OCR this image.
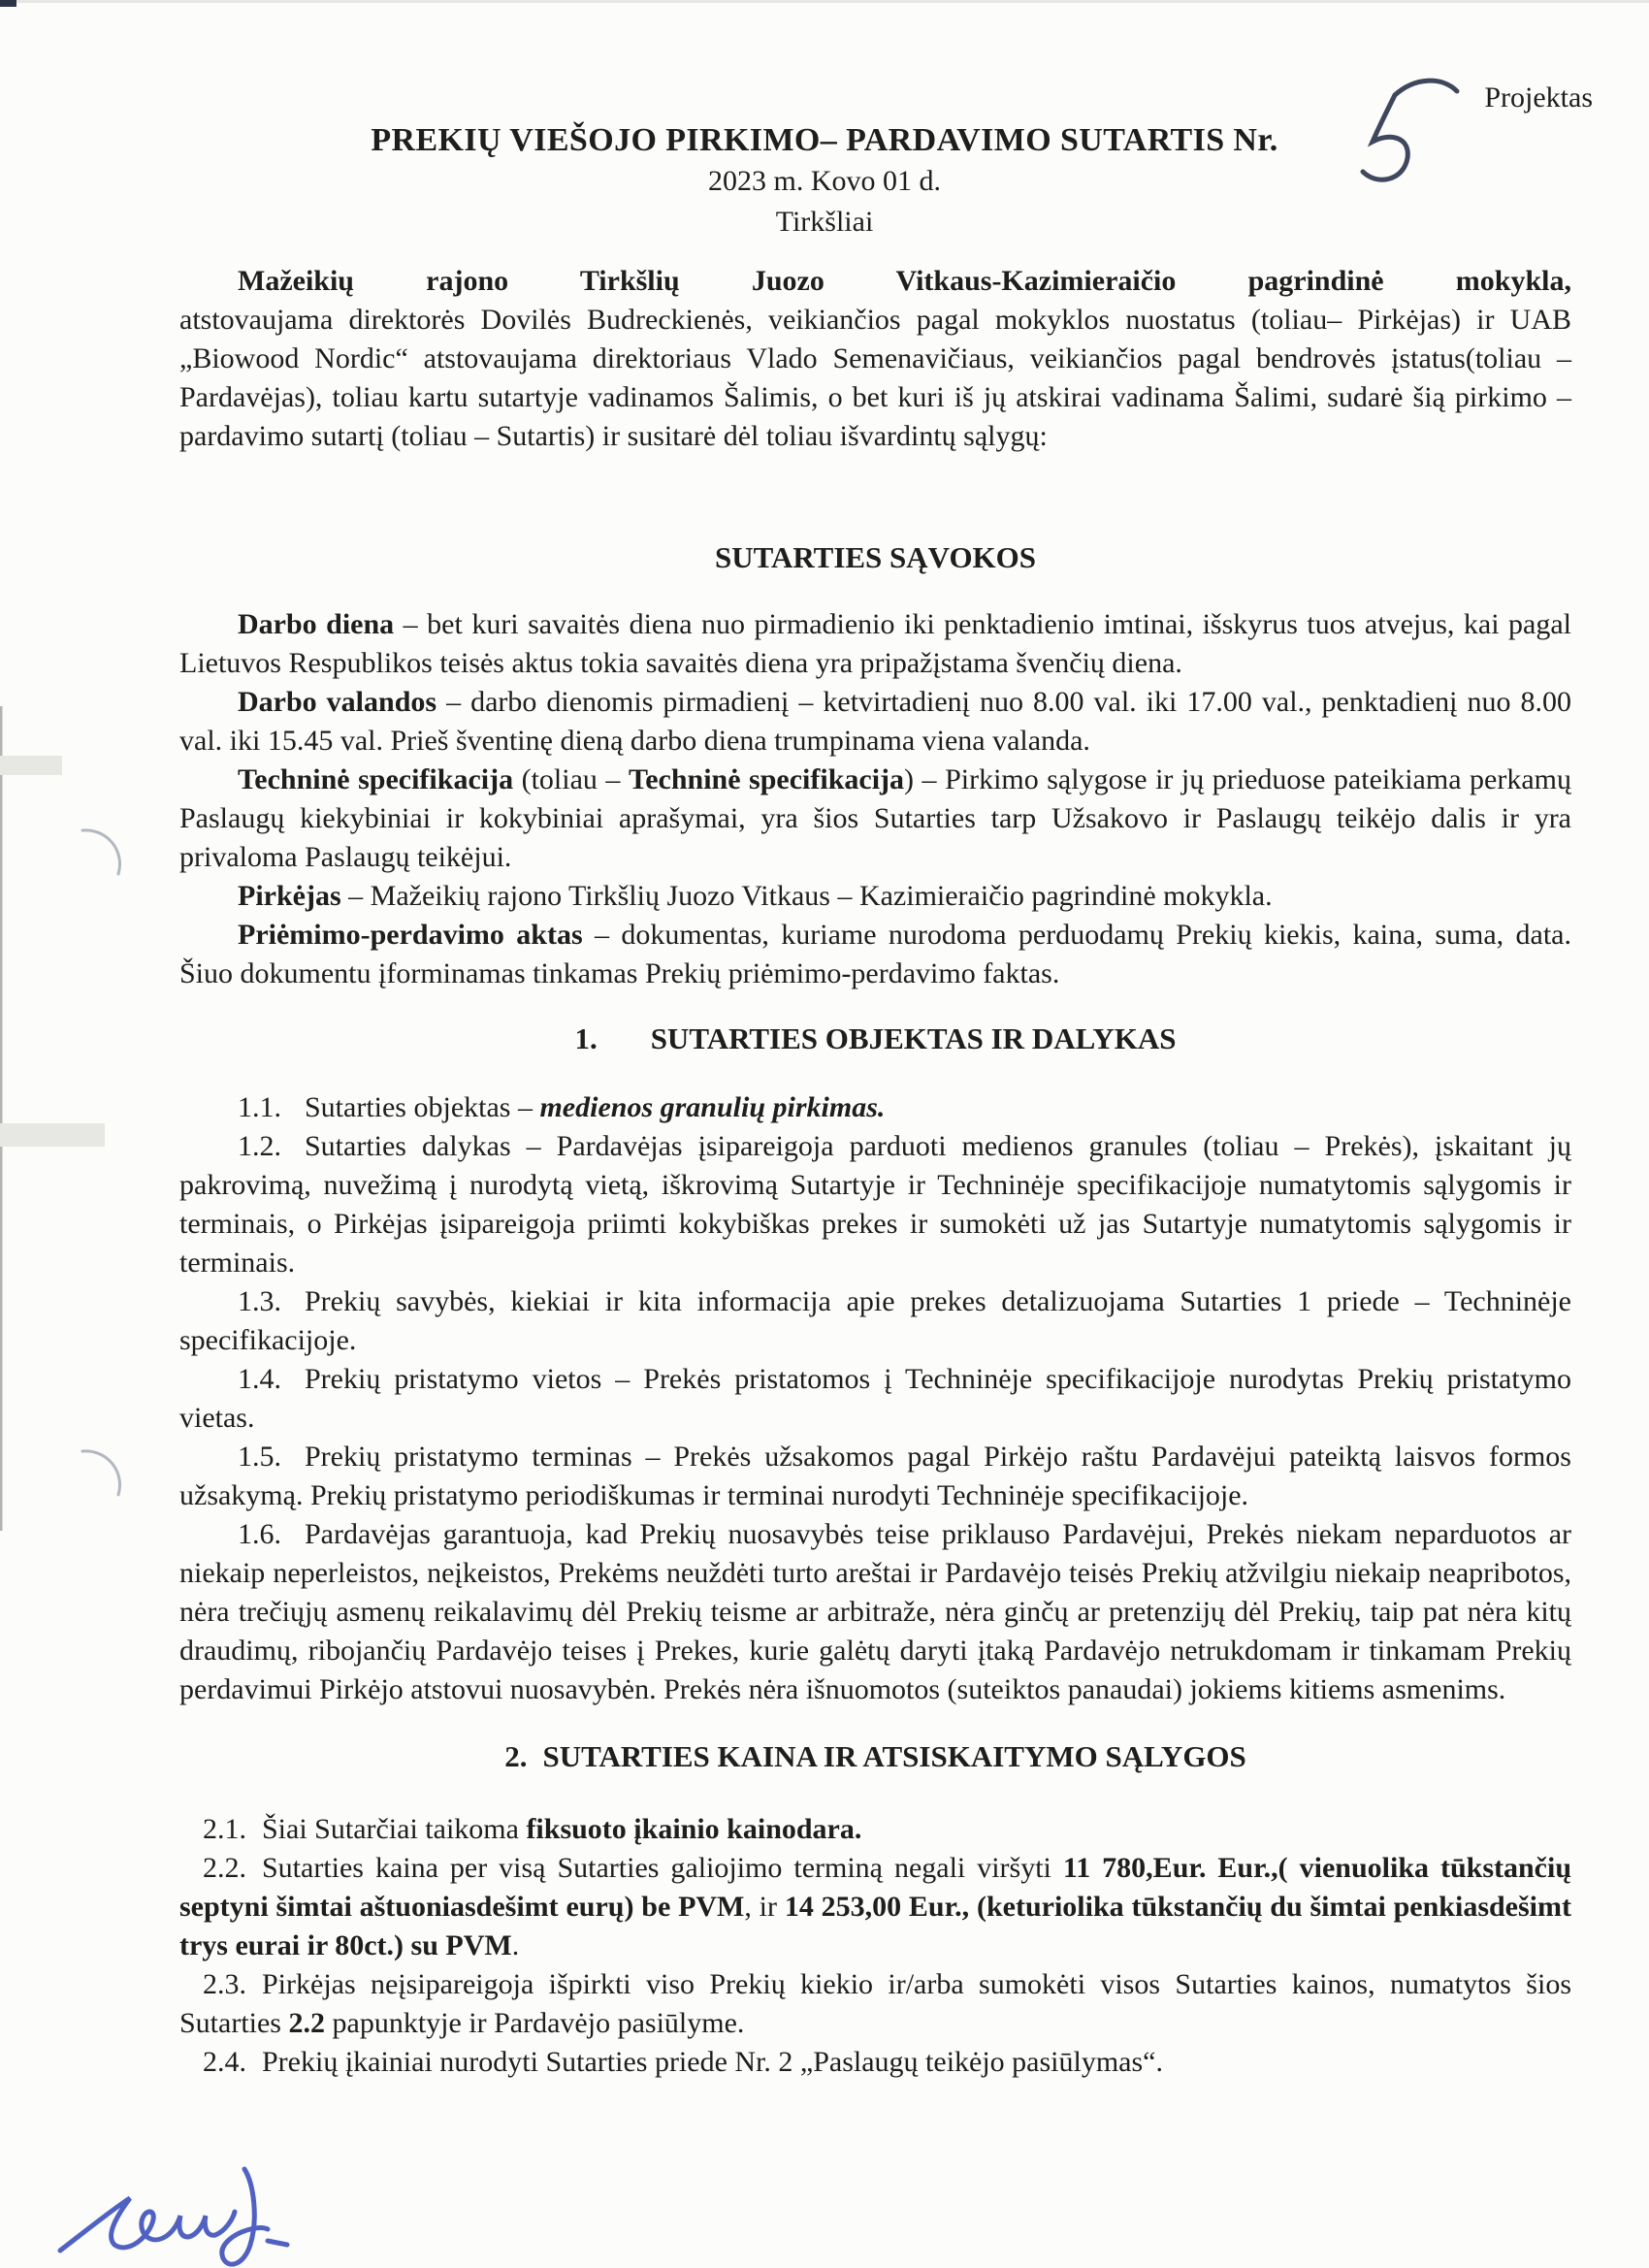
Projektas
PREKIŲ VIEŠOJO PIRKIMO– PARDAVIMO SUTARTIS Nr.
2023 m. Kovo 01 d.
Tirkšliai

Mažeikių rajono Tirkšlių Juozo Vitkaus-Kazimieraičio pagrindinė mokykla,

atstovaujama direktorės Dovilės Budreckienės, veikiančios pagal mokyklos nuostatus (toliau– Pirkėjas) ir UAB „Biowood Nordic“ atstovaujama direktoriaus Vlado Semenavičiaus, veikiančios pagal bendrovės įstatus(toliau – Pardavėjas), toliau kartu sutartyje vadinamos Šalimis, o bet kuri iš jų atskirai vadinama Šalimi, sudarė šią pirkimo – pardavimo sutartį (toliau – Sutartis) ir susitarė dėl toliau išvardintų sąlygų:

SUTARTIES SĄVOKOS

Darbo diena – bet kuri savaitės diena nuo pirmadienio iki penktadienio imtinai, išskyrus tuos atvejus, kai pagal Lietuvos Respublikos teisės aktus tokia savaitės diena yra pripažįstama švenčių diena.

Darbo valandos – darbo dienomis pirmadienį – ketvirtadienį nuo 8.00 val. iki 17.00 val., penktadienį nuo 8.00 val. iki 15.45 val. Prieš šventinę dieną darbo diena trumpinama viena valanda.

Techninė specifikacija (toliau – Techninė specifikacija) – Pirkimo sąlygose ir jų prieduose pateikiama perkamų Paslaugų kiekybiniai ir kokybiniai aprašymai, yra šios Sutarties tarp Užsakovo ir Paslaugų teikėjo dalis ir yra privaloma Paslaugų teikėjui.

Pirkėjas – Mažeikių rajono Tirkšlių Juozo Vitkaus – Kazimieraičio pagrindinė mokykla.

Priėmimo-perdavimo aktas – dokumentas, kuriame nurodoma perduodamų Prekių kiekis, kaina, suma, data. Šiuo dokumentu įforminamas tinkamas Prekių priėmimo-perdavimo faktas.

1. SUTARTIES OBJEKTAS IR DALYKAS

1.1. Sutarties objektas – medienos granulių pirkimas.

1.2. Sutarties dalykas – Pardavėjas įsipareigoja parduoti medienos granules (toliau – Prekės), įskaitant jų pakrovimą, nuvežimą į nurodytą vietą, iškrovimą Sutartyje ir Techninėje specifikacijoje numatytomis sąlygomis ir terminais, o Pirkėjas įsipareigoja priimti kokybiškas prekes ir sumokėti už jas Sutartyje numatytomis sąlygomis ir terminais.

1.3. Prekių savybės, kiekiai ir kita informacija apie prekes detalizuojama Sutarties 1 priede – Techninėje specifikacijoje.

1.4. Prekių pristatymo vietos – Prekės pristatomos į Techninėje specifikacijoje nurodytas Prekių pristatymo vietas.

1.5. Prekių pristatymo terminas – Prekės užsakomos pagal Pirkėjo raštu Pardavėjui pateiktą laisvos formos užsakymą. Prekių pristatymo periodiškumas ir terminai nurodyti Techninėje specifikacijoje.

1.6. Pardavėjas garantuoja, kad Prekių nuosavybės teise priklauso Pardavėjui, Prekės niekam neparduotos ar niekaip neperleistos, neįkeistos, Prekėms neuždėti turto areštai ir Pardavėjo teisės Prekių atžvilgiu niekaip neapribotos, nėra trečiųjų asmenų reikalavimų dėl Prekių teisme ar arbitraže, nėra ginčų ar pretenzijų dėl Prekių, taip pat nėra kitų draudimų, ribojančių Pardavėjo teises į Prekes, kurie galėtų daryti įtaką Pardavėjo netrukdomam ir tinkamam Prekių perdavimui Pirkėjo atstovui nuosavybėn. Prekės nėra išnuomotos (suteiktos panaudai) jokiems kitiems asmenims.

2. SUTARTIES KAINA IR ATSISKAITYMO SĄLYGOS

2.1. Šiai Sutarčiai taikoma fiksuoto įkainio kainodara.

2.2. Sutarties kaina per visą Sutarties galiojimo terminą negali viršyti 11 780,Eur. Eur.,( vienuolika tūkstančių septyni šimtai aštuoniasdešimt eurų) be PVM, ir 14 253,00 Eur., (keturiolika tūkstančių du šimtai penkiasdešimt trys eurai ir 80ct.) su PVM.

2.3. Pirkėjas neįsipareigoja išpirkti viso Prekių kiekio ir/arba sumokėti visos Sutarties kainos, numatytos šios Sutarties 2.2 papunktyje ir Pardavėjo pasiūlyme.

2.4. Prekių įkainiai nurodyti Sutarties priede Nr. 2 „Paslaugų teikėjo pasiūlymas“.
